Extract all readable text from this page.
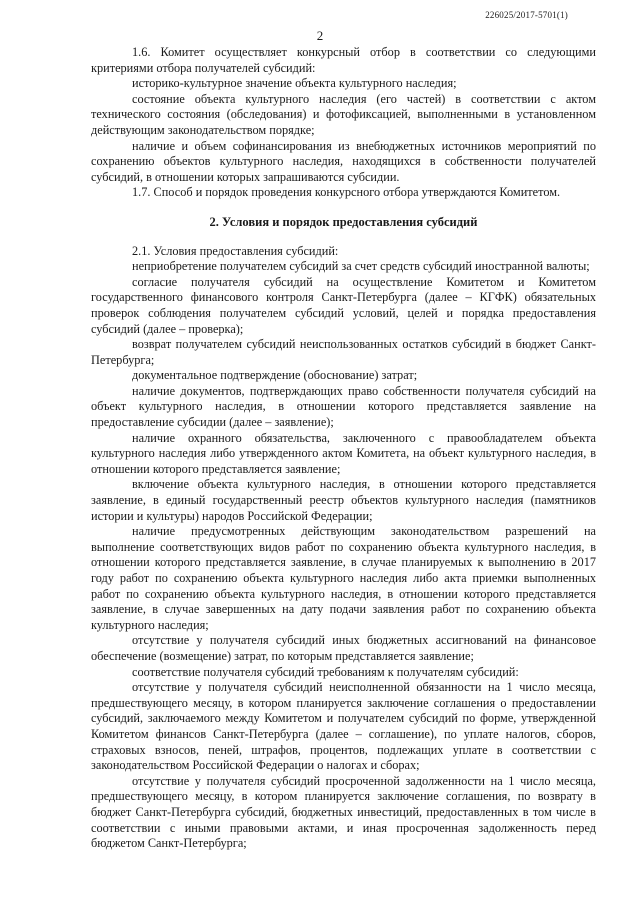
226025/2017-5701(1)
2

1.6. Комитет осуществляет конкурсный отбор в соответствии со следующими критериями отбора получателей субсидий:

историко-культурное значение объекта культурного наследия;

состояние объекта культурного наследия (его частей) в соответствии с актом технического состояния (обследования) и фотофиксацией, выполненными в установленном действующим законодательством порядке;

наличие и объем софинансирования из внебюджетных источников мероприятий по сохранению объектов культурного наследия, находящихся в собственности получателей субсидий, в отношении которых запрашиваются субсидии.

1.7. Способ и порядок проведения конкурсного отбора утверждаются Комитетом.

2. Условия и порядок предоставления субсидий

2.1. Условия предоставления субсидий:

неприобретение получателем субсидий за счет средств субсидий иностранной валюты;

согласие получателя субсидий на осуществление Комитетом и Комитетом государственного финансового контроля Санкт-Петербурга (далее – КГФК) обязательных проверок соблюдения получателем субсидий условий, целей и порядка предоставления субсидий (далее – проверка);

возврат получателем субсидий неиспользованных остатков субсидий в бюджет Санкт-Петербурга;

документальное подтверждение (обоснование) затрат;

наличие документов, подтверждающих право собственности получателя субсидий на объект культурного наследия, в отношении которого представляется заявление на предоставление субсидии (далее – заявление);

наличие охранного обязательства, заключенного с правообладателем объекта культурного наследия либо утвержденного актом Комитета, на объект культурного наследия, в отношении которого представляется заявление;

включение объекта культурного наследия, в отношении которого представляется заявление, в единый государственный реестр объектов культурного наследия (памятников истории и культуры) народов Российской Федерации;

наличие предусмотренных действующим законодательством разрешений на выполнение соответствующих видов работ по сохранению объекта культурного наследия, в отношении которого представляется заявление, в случае планируемых к выполнению в 2017 году работ по сохранению объекта культурного наследия либо акта приемки выполненных работ по сохранению объекта культурного наследия, в отношении которого представляется заявление, в случае завершенных на дату подачи заявления работ по сохранению объекта культурного наследия;

отсутствие у получателя субсидий иных бюджетных ассигнований на финансовое обеспечение (возмещение) затрат, по которым представляется заявление;

соответствие получателя субсидий требованиям к получателям субсидий:

отсутствие у получателя субсидий неисполненной обязанности на 1 число месяца, предшествующего месяцу, в котором планируется заключение соглашения о предоставлении субсидий, заключаемого между Комитетом и получателем субсидий по форме, утвержденной Комитетом финансов Санкт-Петербурга (далее – соглашение), по уплате налогов, сборов, страховых взносов, пеней, штрафов, процентов, подлежащих уплате в соответствии с законодательством Российской Федерации о налогах и сборах;

отсутствие у получателя субсидий просроченной задолженности на 1 число месяца, предшествующего месяцу, в котором планируется заключение соглашения, по возврату в бюджет Санкт-Петербурга субсидий, бюджетных инвестиций, предоставленных в том числе в соответствии с иными правовыми актами, и иная просроченная задолженность перед бюджетом Санкт-Петербурга;
